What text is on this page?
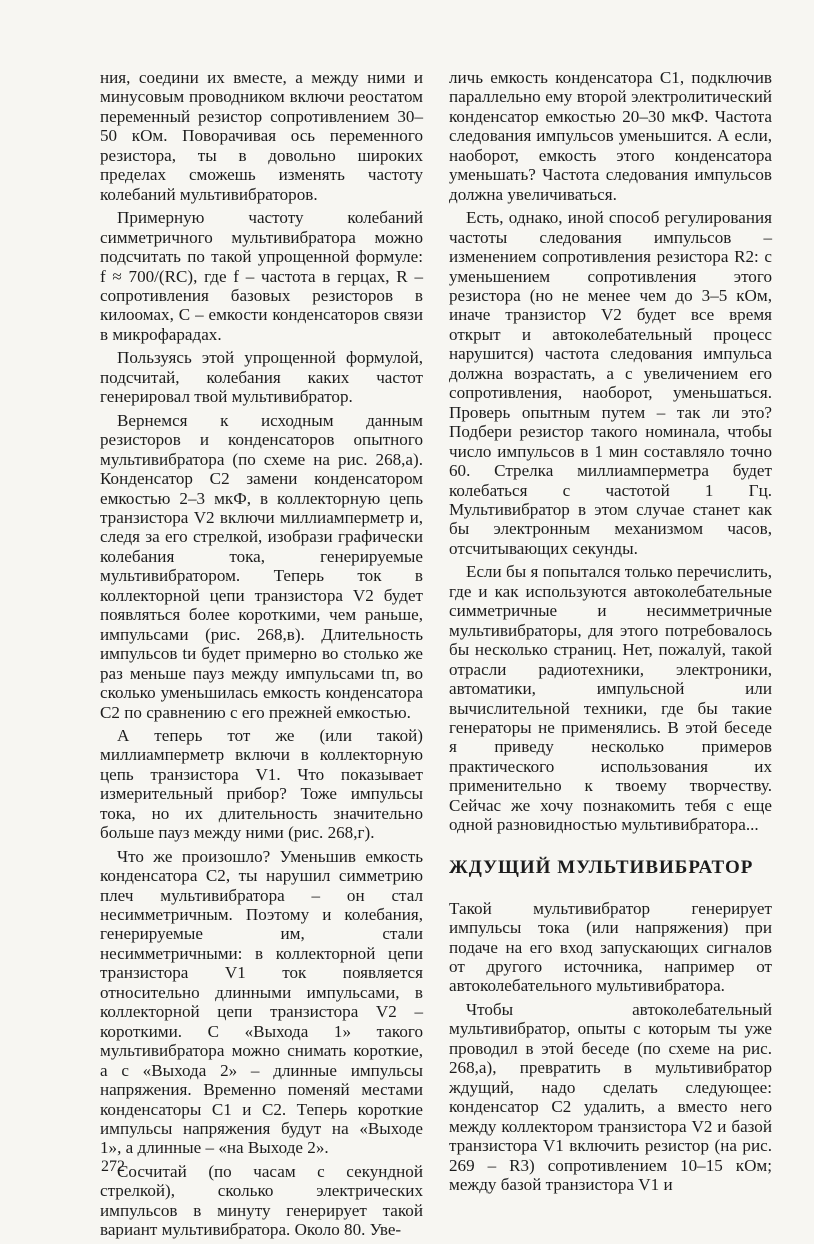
ния, соедини их вместе, а между ними и минусовым проводником включи реостатом переменный резистор сопротивлением 30–50 кОм. Поворачивая ось переменного резистора, ты в довольно широких пределах сможешь изменять частоту колебаний мультивибраторов.

Примерную частоту колебаний симметричного мультивибратора можно подсчитать по такой упрощенной формуле: f ≈ 700/(RC), где f – частота в герцах, R – сопротивления базовых резисторов в килоомах, C – емкости конденсаторов связи в микрофарадах.

Пользуясь этой упрощенной формулой, подсчитай, колебания каких частот генерировал твой мультивибратор.

Вернемся к исходным данным резисторов и конденсаторов опытного мультивибратора (по схеме на рис. 268,а). Конденсатор C2 замени конденсатором емкостью 2–3 мкФ, в коллекторную цепь транзистора V2 включи миллиамперметр и, следя за его стрелкой, изобрази графически колебания тока, генерируемые мультивибратором. Теперь ток в коллекторной цепи транзистора V2 будет появляться более короткими, чем раньше, импульсами (рис. 268,в). Длительность импульсов tи будет примерно во столько же раз меньше пауз между импульсами tп, во сколько уменьшилась емкость конденсатора C2 по сравнению с его прежней емкостью.

А теперь тот же (или такой) миллиамперметр включи в коллекторную цепь транзистора V1. Что показывает измерительный прибор? Тоже импульсы тока, но их длительность значительно больше пауз между ними (рис. 268,г).

Что же произошло? Уменьшив емкость конденсатора C2, ты нарушил симметрию плеч мультивибратора – он стал несимметричным. Поэтому и колебания, генерируемые им, стали несимметричными: в коллекторной цепи транзистора V1 ток появляется относительно длинными импульсами, в коллекторной цепи транзистора V2 – короткими. С «Выхода 1» такого мультивибратора можно снимать короткие, а с «Выхода 2» – длинные импульсы напряжения. Временно поменяй местами конденсаторы C1 и C2. Теперь короткие импульсы напряжения будут на «Выходе 1», а длинные – «на Выходе 2».

Сосчитай (по часам с секундной стрелкой), сколько электрических импульсов в минуту генерирует такой вариант мультивибратора. Около 80. Уве-

личь емкость конденсатора C1, подключив параллельно ему второй электролитический конденсатор емкостью 20–30 мкФ. Частота следования импульсов уменьшится. А если, наоборот, емкость этого конденсатора уменьшать? Частота следования импульсов должна увеличиваться.

Есть, однако, иной способ регулирования частоты следования импульсов – изменением сопротивления резистора R2: с уменьшением сопротивления этого резистора (но не менее чем до 3–5 кОм, иначе транзистор V2 будет все время открыт и автоколебательный процесс нарушится) частота следования импульса должна возрастать, а с увеличением его сопротивления, наоборот, уменьшаться. Проверь опытным путем – так ли это? Подбери резистор такого номинала, чтобы число импульсов в 1 мин составляло точно 60. Стрелка миллиамперметра будет колебаться с частотой 1 Гц. Мультивибратор в этом случае станет как бы электронным механизмом часов, отсчитывающих секунды.

Если бы я попытался только перечислить, где и как используются автоколебательные симметричные и несимметричные мультивибраторы, для этого потребовалось бы несколько страниц. Нет, пожалуй, такой отрасли радиотехники, электроники, автоматики, импульсной или вычислительной техники, где бы такие генераторы не применялись. В этой беседе я приведу несколько примеров практического использования их применительно к твоему творчеству. Сейчас же хочу познакомить тебя с еще одной разновидностью мультивибратора...

ЖДУЩИЙ МУЛЬТИВИБРАТОР

Такой мультивибратор генерирует импульсы тока (или напряжения) при подаче на его вход запускающих сигналов от другого источника, например от автоколебательного мультивибратора.

Чтобы автоколебательный мультивибратор, опыты с которым ты уже проводил в этой беседе (по схеме на рис. 268,а), превратить в мультивибратор ждущий, надо сделать следующее: конденсатор C2 удалить, а вместо него между коллектором транзистора V2 и базой транзистора V1 включить резистор (на рис. 269 – R3) сопротивлением 10–15 кОм; между базой транзистора V1 и

272
